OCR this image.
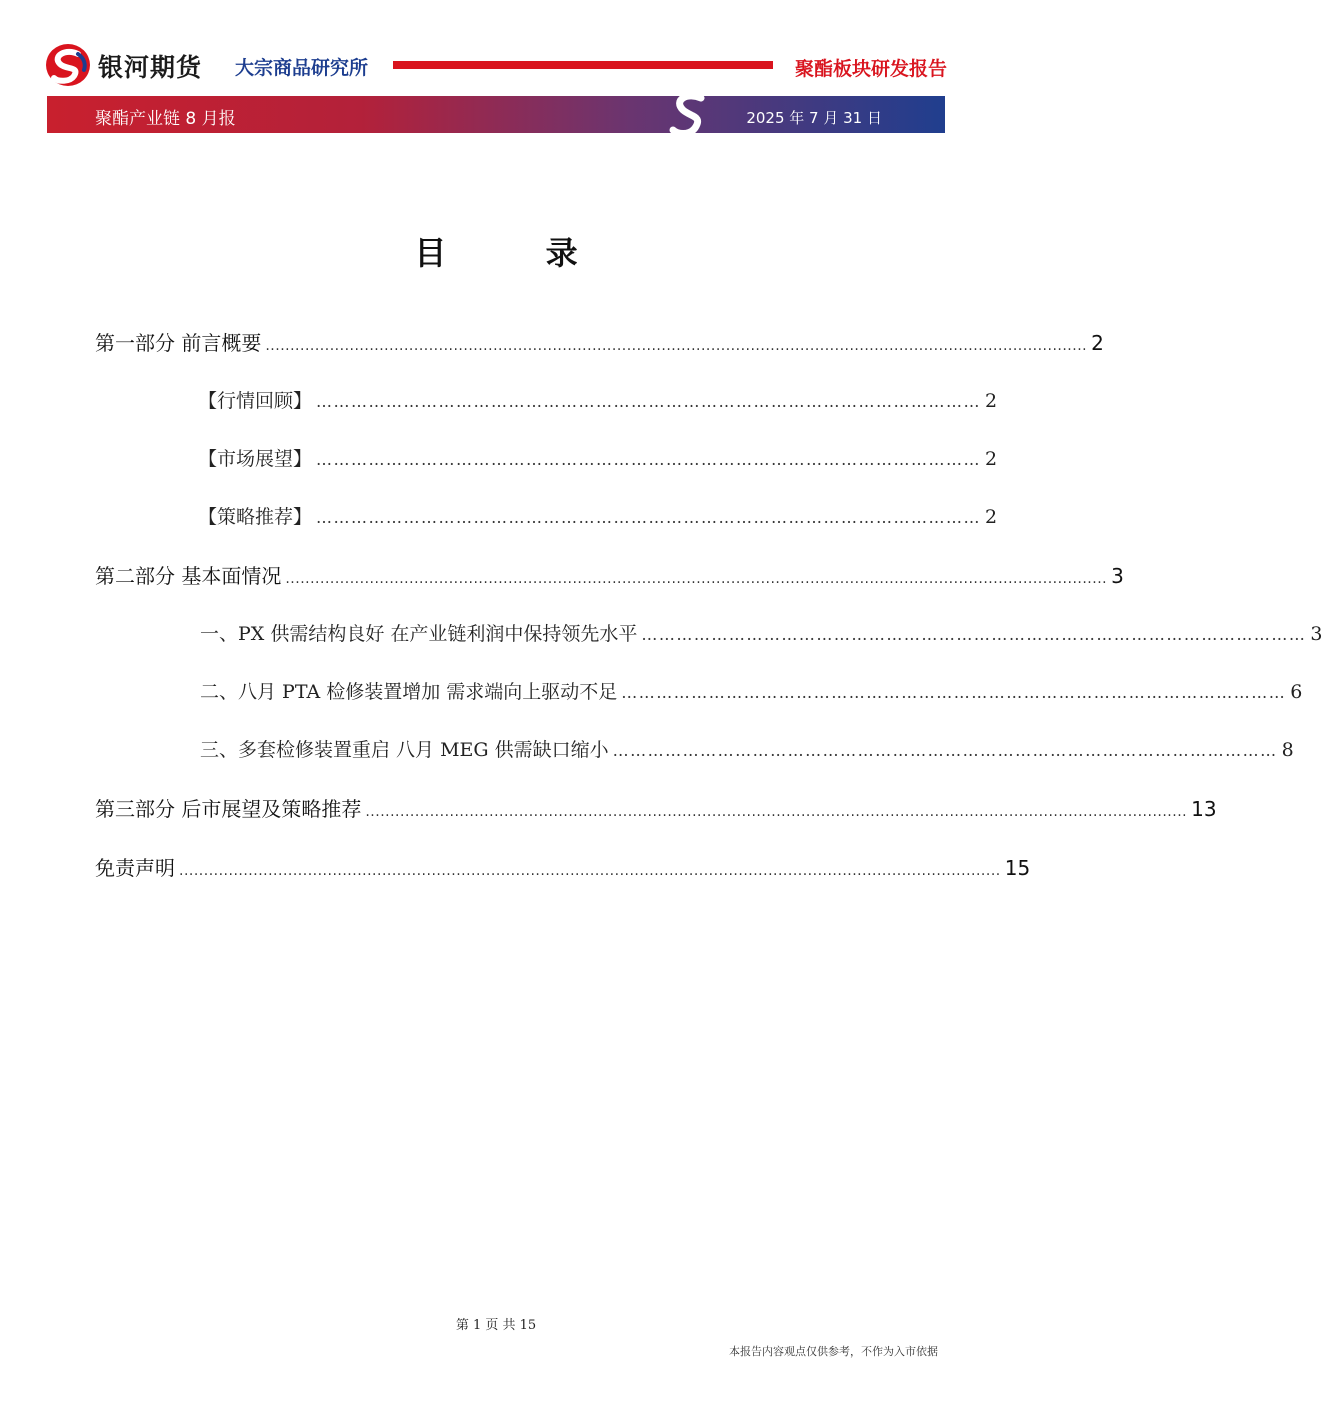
银河期货 大宗商品研究所	聚酯板块研发报告
聚酯产业链 8 月报	2025 年 7 月 31 日
目 录
第一部分 前言概要 ...................................................................................................................................................................... 2
【行情回顾】 …………………………………………………………………………………………………… 2
【市场展望】 …………………………………………………………………………………………………… 2
【策略推荐】 …………………………………………………………………………………………………… 2
第二部分 基本面情况 ...................................................................................................................................................................... 3
一、PX 供需结构良好 在产业链利润中保持领先水平 …………………………………………………………………………………………………… 3
二、八月 PTA 检修装置增加 需求端向上驱动不足 …………………………………………………………………………………………………… 6
三、多套检修装置重启 八月 MEG 供需缺口缩小 …………………………………………………………………………………………………… 8
第三部分 后市展望及策略推荐 ...................................................................................................................................................................... 13
免责声明 ...................................................................................................................................................................... 15
第 1 页 共 15
本报告内容观点仅供参考，不作为入市依据
